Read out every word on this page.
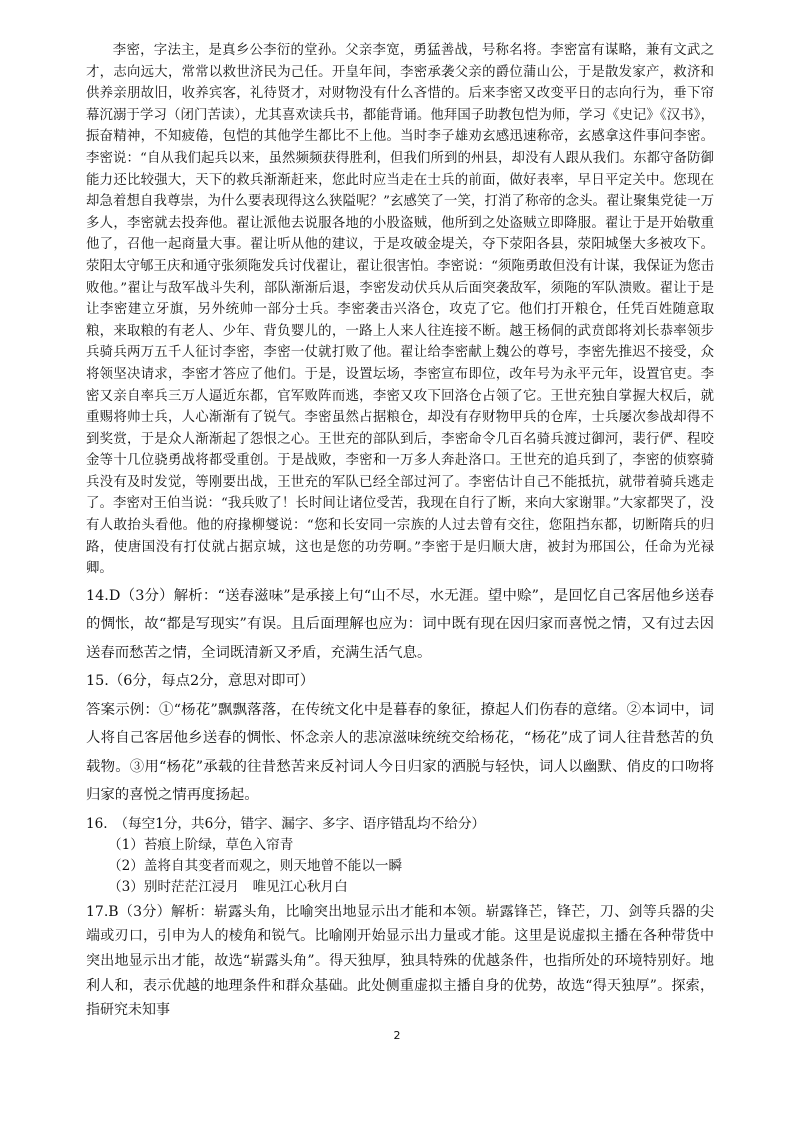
李密，字法主，是真乡公李衍的堂孙。父亲李宽，勇猛善战，号称名将。李密富有谋略，兼有文武之才，志向远大，常常以救世济民为己任。开皇年间，李密承袭父亲的爵位蒲山公，于是散发家产，救济和供养亲朋故旧，收养宾客，礼待贤才，对财物没有什么吝惜的。后来李密又改变平日的志向行为，垂下帘幕沉溺于学习（闭门苦读），尤其喜欢读兵书，都能背诵。他拜国子助教包恺为师，学习《史记》《汉书》，振奋精神，不知疲倦，包恺的其他学生都比不上他。当时李子雄劝玄感迅速称帝，玄感拿这件事问李密。李密说：“自从我们起兵以来，虽然频频获得胜利，但我们所到的州县，却没有人跟从我们。东都守备防御能力还比较强大，天下的救兵渐渐赶来，您此时应当走在士兵的前面，做好表率，早日平定关中。您现在却急着想自我尊崇，为什么要表现得这么狭隘呢？”玄感笑了一笑，打消了称帝的念头。翟让聚集党徒一万多人，李密就去投奔他。翟让派他去说服各地的小股盗贼，他所到之处盗贼立即降服。翟让于是开始敬重他了，召他一起商量大事。翟让听从他的建议，于是攻破金堤关，夺下荥阳各县，荥阳城堡大多被攻下。荥阳太守郇王庆和通守张须陁发兵讨伐翟让，翟让很害怕。李密说：“须陁勇敢但没有计谋，我保证为您击败他。”翟让与敌军战斗失利，部队渐渐后退，李密发动伏兵从后面突袭敌军，须陁的军队溃败。翟让于是让李密建立牙旗，另外统帅一部分士兵。李密袭击兴洛仓，攻克了它。他们打开粮仓，任凭百姓随意取粮，来取粮的有老人、少年、背负婴儿的，一路上人来人往连接不断。越王杨侗的武贲郎将刘长恭率领步兵骑兵两万五千人征讨李密，李密一仗就打败了他。翟让给李密献上魏公的尊号，李密先推迟不接受，众将领坚决请求，李密才答应了他们。于是，设置坛场，李密宣布即位，改年号为永平元年，设置官吏。李密又亲自率兵三万人逼近东都，官军败阵而逃，李密又攻下回洛仓占领了它。王世充独自掌握大权后，就重赐将帅士兵，人心渐渐有了锐气。李密虽然占据粮仓，却没有存财物甲兵的仓库，士兵屡次参战却得不到奖赏，于是众人渐渐起了怨恨之心。王世充的部队到后，李密命令几百名骑兵渡过御河，裴行俨、程咬金等十几位骁勇战将都受重创。于是战败，李密和一万多人奔赴洛口。王世充的追兵到了，李密的侦察骑兵没有及时发觉，等刚要出战，王世充的军队已经全部过河了。李密估计自己不能抵抗，就带着骑兵逃走了。李密对王伯当说：“我兵败了！长时间让诸位受苦，我现在自行了断，来向大家谢罪。”大家都哭了，没有人敢抬头看他。他的府掾柳燮说：“您和长安同一宗族的人过去曾有交往，您阻挡东都，切断隋兵的归路，使唐国没有打仗就占据京城，这也是您的功劳啊。”李密于是归顺大唐，被封为邢国公，任命为光禄卿。

14.D（3分）解析：“送春滋味”是承接上句“山不尽，水无涯。望中赊”，是回忆自己客居他乡送春的惆怅，故“都是写现实”有误。且后面理解也应为：词中既有现在因归家而喜悦之情，又有过去因送春而愁苦之情，全词既清新又矛盾，充满生活气息。

15.（6分，每点2分，意思对即可）

答案示例：①“杨花”飘飘落落，在传统文化中是暮春的象征，撩起人们伤春的意绪。②本词中，词人将自己客居他乡送春的惆怅、怀念亲人的悲凉滋味统统交给杨花，“杨花”成了词人往昔愁苦的负载物。③用“杨花”承载的往昔愁苦来反衬词人今日归家的洒脱与轻快，词人以幽默、俏皮的口吻将归家的喜悦之情再度扬起。

16.　（每空1分，共6分，错字、漏字、多字、语序错乱均不给分）

（1）苔痕上阶绿，草色入帘青

（2）盖将自其变者而观之，则天地曾不能以一瞬

（3）别时茫茫江浸月　唯见江心秋月白

17.B（3分）解析：崭露头角，比喻突出地显示出才能和本领。崭露锋芒，锋芒，刀、剑等兵器的尖端或刃口，引申为人的棱角和锐气。比喻刚开始显示出力量或才能。这里是说虚拟主播在各种带货中突出地显示出才能，故选“崭露头角”。得天独厚，独具特殊的优越条件，也指所处的环境特别好。地利人和，表示优越的地理条件和群众基础。此处侧重虚拟主播自身的优势，故选“得天独厚”。探索，指研究未知事

2
